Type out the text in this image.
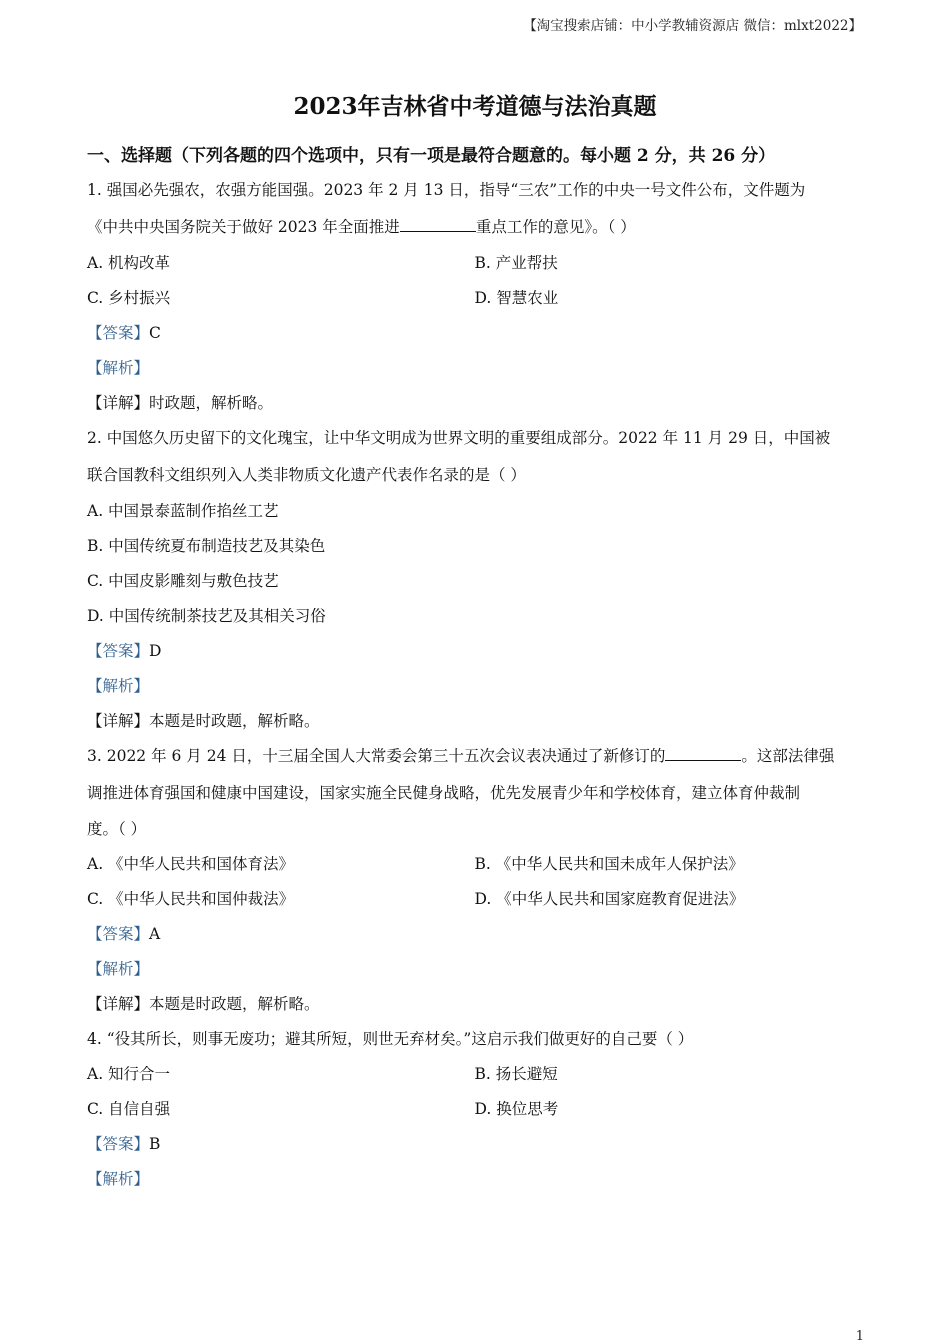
【淘宝搜索店铺：中小学教辅资源店 微信：mlxt2022】
2023年吉林省中考道德与法治真题
一、选择题（下列各题的四个选项中，只有一项是最符合题意的。每小题 2 分，共 26 分）
1. 强国必先强农，农强方能国强。2023 年 2 月 13 日，指导“三农”工作的中央一号文件公布，文件题为
《中共中央国务院关于做好 2023 年全面推进	重点工作的意见》。（ ）
A. 机构改革	B. 产业帮扶
C. 乡村振兴	D. 智慧农业
【答案】C
【解析】
【详解】时政题，解析略。
2. 中国悠久历史留下的文化瑰宝，让中华文明成为世界文明的重要组成部分。2022 年 11 月 29 日，中国被
联合国教科文组织列入人类非物质文化遗产代表作名录的是（ ）
A. 中国景泰蓝制作掐丝工艺
B. 中国传统夏布制造技艺及其染色
C. 中国皮影雕刻与敷色技艺
D. 中国传统制茶技艺及其相关习俗
【答案】D
【解析】
【详解】本题是时政题，解析略。
3. 2022 年 6 月 24 日，十三届全国人大常委会第三十五次会议表决通过了新修订的	。这部法律强
调推进体育强国和健康中国建设，国家实施全民健身战略，优先发展青少年和学校体育，建立体育仲裁制
度。（ ）
A. 《中华人民共和国体育法》	B. 《中华人民共和国未成年人保护法》
C. 《中华人民共和国仲裁法》	D. 《中华人民共和国家庭教育促进法》
【答案】A
【解析】
【详解】本题是时政题，解析略。
4. “役其所长，则事无废功；避其所短，则世无弃材矣。”这启示我们做更好的自己要（ ）
A. 知行合一	B. 扬长避短
C. 自信自强	D. 换位思考
【答案】B
【解析】
1
